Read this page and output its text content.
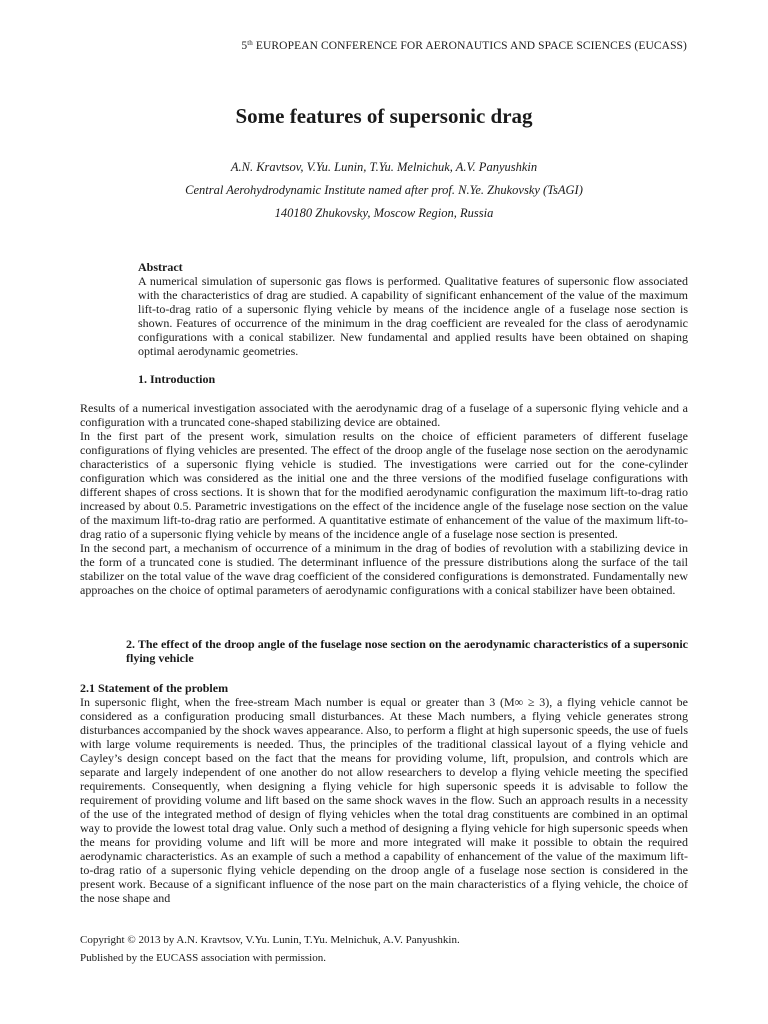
5th EUROPEAN CONFERENCE FOR AERONAUTICS AND SPACE SCIENCES (EUCASS)
Some features of supersonic drag
A.N. Kravtsov, V.Yu. Lunin, T.Yu. Melnichuk, A.V. Panyushkin
Central Aerohydrodynamic Institute named after prof. N.Ye. Zhukovsky (TsAGI)
140180 Zhukovsky, Moscow Region, Russia
Abstract
A numerical simulation of supersonic gas flows is performed. Qualitative features of supersonic flow associated with the characteristics of drag are studied. A capability of significant enhancement of the value of the maximum lift-to-drag ratio of a supersonic flying vehicle by means of the incidence angle of a fuselage nose section is shown. Features of occurrence of the minimum in the drag coefficient are revealed for the class of aerodynamic configurations with a conical stabilizer. New fundamental and applied results have been obtained on shaping optimal aerodynamic geometries.
1. Introduction

Results of a numerical investigation associated with the aerodynamic drag of a fuselage of a supersonic flying vehicle and a configuration with a truncated cone-shaped stabilizing device are obtained.

In the first part of the present work, simulation results on the choice of efficient parameters of different fuselage configurations of flying vehicles are presented. The effect of the droop angle of the fuselage nose section on the aerodynamic characteristics of a supersonic flying vehicle is studied. The investigations were carried out for the cone-cylinder configuration which was considered as the initial one and the three versions of the modified fuselage configurations with different shapes of cross sections. It is shown that for the modified aerodynamic configuration the maximum lift-to-drag ratio increased by about 0.5. Parametric investigations on the effect of the incidence angle of the fuselage nose section on the value of the maximum lift-to-drag ratio are performed. A quantitative estimate of enhancement of the value of the maximum lift-to-drag ratio of a supersonic flying vehicle by means of the incidence angle of a fuselage nose section is presented.

In the second part, a mechanism of occurrence of a minimum in the drag of bodies of revolution with a stabilizing device in the form of a truncated cone is studied. The determinant influence of the pressure distributions along the surface of the tail stabilizer on the total value of the wave drag coefficient of the considered configurations is demonstrated. Fundamentally new approaches on the choice of optimal parameters of aerodynamic configurations with a conical stabilizer have been obtained.

2. The effect of the droop angle of the fuselage nose section on the aerodynamic characteristics of a supersonic flying vehicle
2.1 Statement of the problem
In supersonic flight, when the free-stream Mach number is equal or greater than 3 (M∞ ≥ 3), a flying vehicle cannot be considered as a configuration producing small disturbances. At these Mach numbers, a flying vehicle generates strong disturbances accompanied by the shock waves appearance. Also, to perform a flight at high supersonic speeds, the use of fuels with large volume requirements is needed. Thus, the principles of the traditional classical layout of a flying vehicle and Cayley’s design concept based on the fact that the means for providing volume, lift, propulsion, and controls which are separate and largely independent of one another do not allow researchers to develop a flying vehicle meeting the specified requirements. Consequently, when designing a flying vehicle for high supersonic speeds it is advisable to follow the requirement of providing volume and lift based on the same shock waves in the flow. Such an approach results in a necessity of the use of the integrated method of design of flying vehicles when the total drag constituents are combined in an optimal way to provide the lowest total drag value. Only such a method of designing a flying vehicle for high supersonic speeds when the means for providing volume and lift will be more and more integrated will make it possible to obtain the required aerodynamic characteristics. As an example of such a method a capability of enhancement of the value of the maximum lift-to-drag ratio of a supersonic flying vehicle depending on the droop angle of a fuselage nose section is considered in the present work. Because of a significant influence of the nose part on the main characteristics of a flying vehicle, the choice of the nose shape and
Copyright © 2013 by A.N. Kravtsov, V.Yu. Lunin, T.Yu. Melnichuk, A.V. Panyushkin.
Published by the EUCASS association with permission.
